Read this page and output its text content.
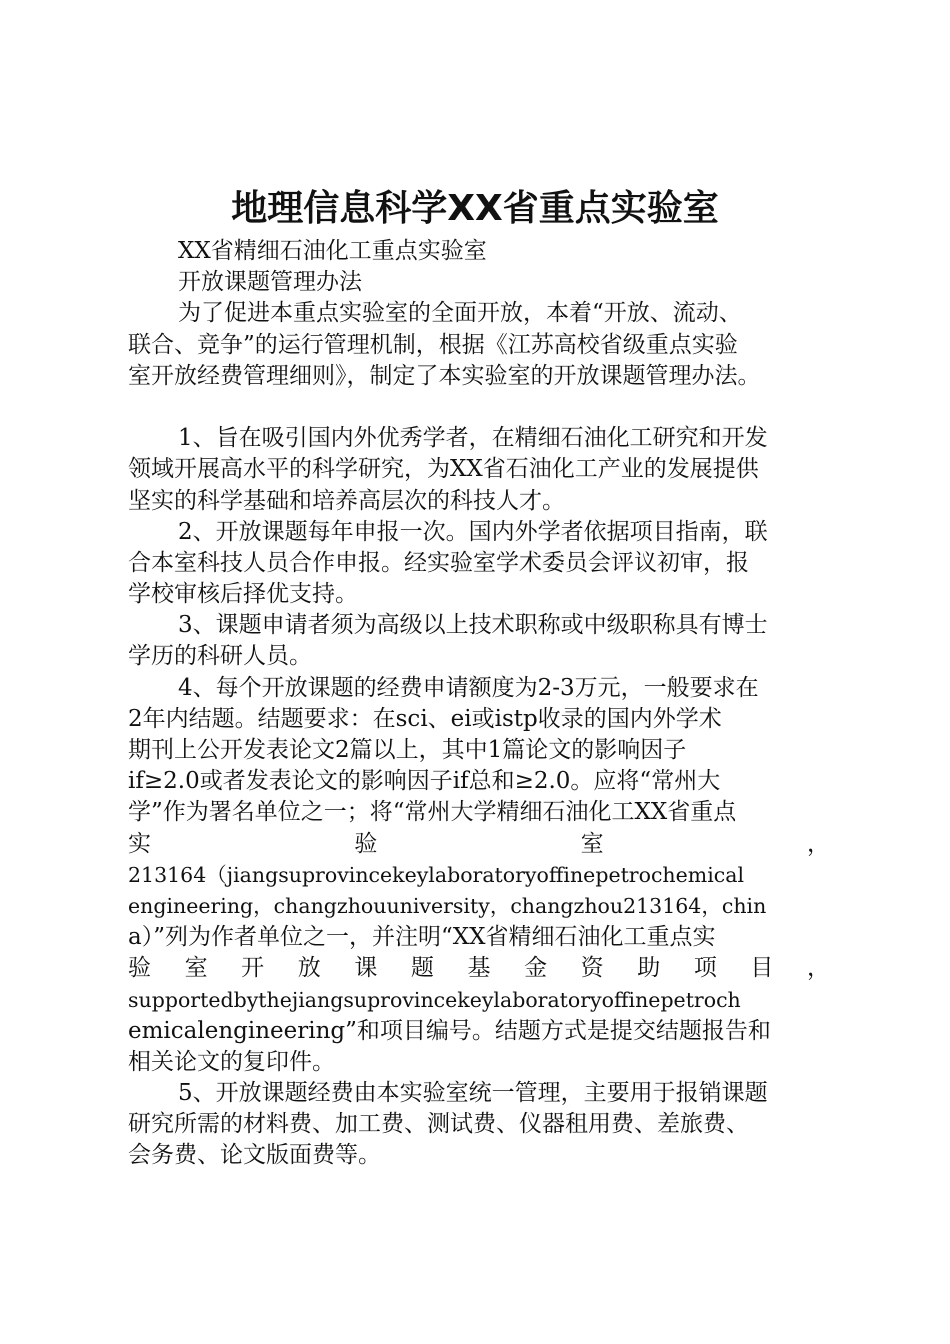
地理信息科学XX省重点实验室
XX省精细石油化工重点实验室
开放课题管理办法
为了促进本重点实验室的全面开放，本着“开放、流动、
联合、竞争”的运行管理机制，根据《江苏高校省级重点实验
室开放经费管理细则》，制定了本实验室的开放课题管理办法。
1、旨在吸引国内外优秀学者，在精细石油化工研究和开发
领域开展高水平的科学研究，为XX省石油化工产业的发展提供
坚实的科学基础和培养高层次的科技人才。
2、开放课题每年申报一次。国内外学者依据项目指南，联
合本室科技人员合作申报。经实验室学术委员会评议初审，报
学校审核后择优支持。
3、课题申请者须为高级以上技术职称或中级职称具有博士
学历的科研人员。
4、每个开放课题的经费申请额度为2-3万元，一般要求在
2年内结题。结题要求：在sci、ei或istp收录的国内外学术
期刊上公开发表论文2篇以上，其中1篇论文的影响因子
if≥2.0或者发表论文的影响因子if总和≥2.0。应将“常州大
学”作为署名单位之一；将“常州大学精细石油化工XX省重点
实 验 室 ，
213164（jiangsuprovincekeylaboratoryoffinepetrochemical
engineering，changzhouuniversity，changzhou213164，chin
a）”列为作者单位之一，并注明“XX省精细石油化工重点实
验 室 开 放 课 题 基 金 资 助 项 目 ，
supportedbythejiangsuprovincekeylaboratoryoffinepetroch
emicalengineering”和项目编号。结题方式是提交结题报告和
相关论文的复印件。
5、开放课题经费由本实验室统一管理，主要用于报销课题
研究所需的材料费、加工费、测试费、仪器租用费、差旅费、
会务费、论文版面费等。
